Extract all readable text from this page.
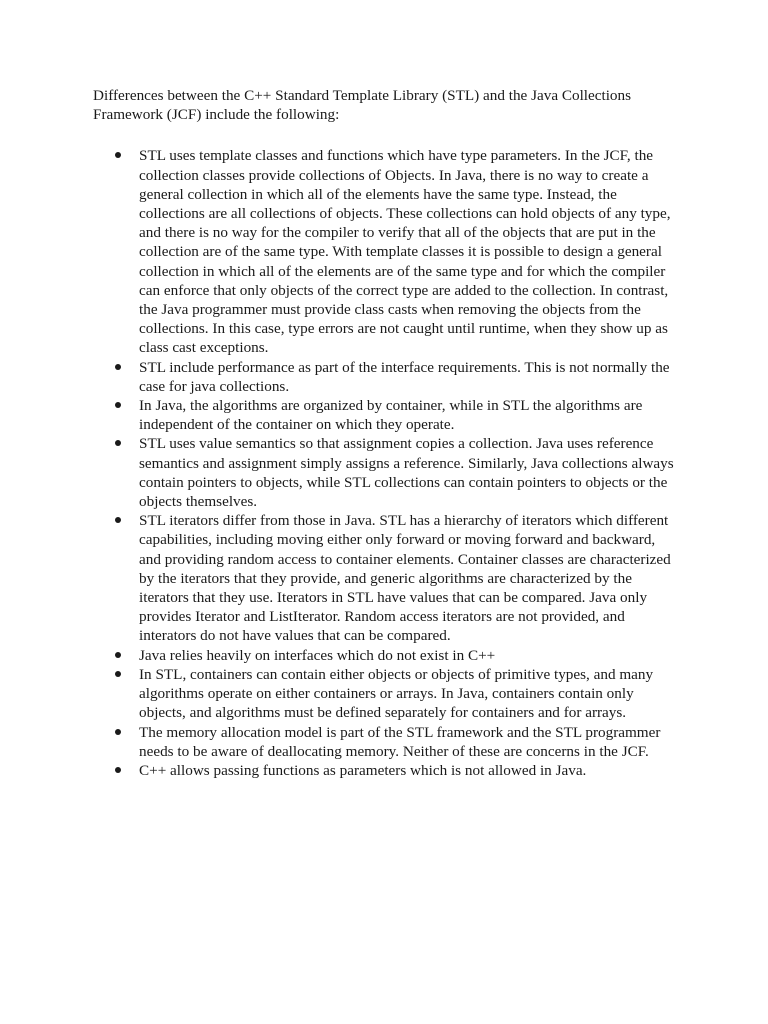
Differences between the C++ Standard Template Library (STL) and the Java Collections Framework (JCF) include the following:

STL uses template classes and functions which have type parameters. In the JCF, the collection classes provide collections of Objects. In Java, there is no way to create a general collection in which all of the elements have the same type. Instead, the collections are all collections of objects. These collections can hold objects of any type, and there is no way for the compiler to verify that all of the objects that are put in the collection are of the same type. With template classes it is possible to design a general collection in which all of the elements are of the same type and for which the compiler can enforce that only objects of the correct type are added to the collection. In contrast, the Java programmer must provide class casts when removing the objects from the collections. In this case, type errors are not caught until runtime, when they show up as class cast exceptions.
STL include performance as part of the interface requirements. This is not normally the case for java collections.
In Java, the algorithms are organized by container, while in STL the algorithms are independent of the container on which they operate.
STL uses value semantics so that assignment copies a collection. Java uses reference semantics and assignment simply assigns a reference. Similarly, Java collections always contain pointers to objects, while STL collections can contain pointers to objects or the objects themselves.
STL iterators differ from those in Java. STL has a hierarchy of iterators which different capabilities, including moving either only forward or moving forward and backward, and providing random access to container elements. Container classes are characterized by the iterators that they provide, and generic algorithms are characterized by the iterators that they use. Iterators in STL have values that can be compared. Java only provides Iterator and ListIterator. Random access iterators are not provided, and interators do not have values that can be compared.
Java relies heavily on interfaces which do not exist in C++
In STL, containers can contain either objects or objects of primitive types, and many algorithms operate on either containers or arrays. In Java, containers contain only objects, and algorithms must be defined separately for containers and for arrays.
The memory allocation model is part of the STL framework and the STL programmer needs to be aware of deallocating memory. Neither of these are concerns in the JCF.
C++ allows passing functions as parameters which is not allowed in Java.
